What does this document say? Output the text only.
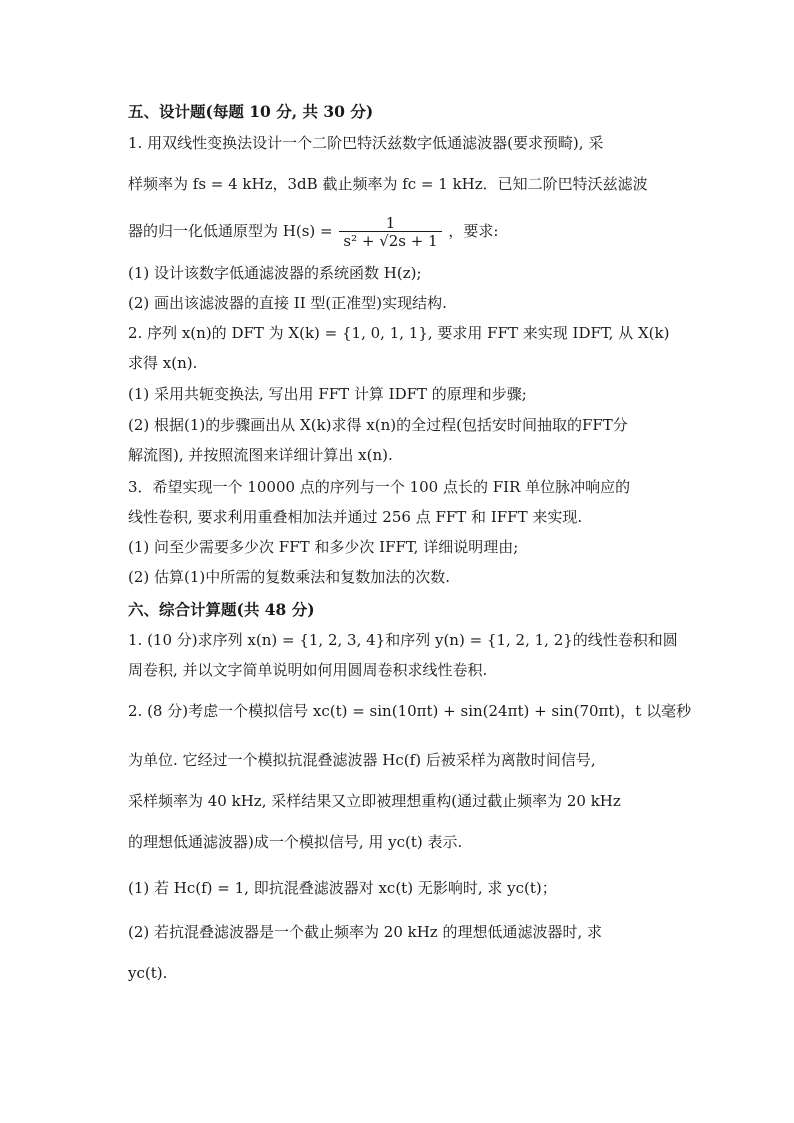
五、设计题(每题 10 分, 共 30 分)
1. 用双线性变换法设计一个二阶巴特沃兹数字低通滤波器(要求预畸), 采
样频率为 fs = 4 kHz，3dB 截止频率为 fc = 1 kHz．已知二阶巴特沃兹滤波
器的归一化低通原型为 $H(s) = \frac{1}{\text{s² + √2s + 1}}$ ，要求:
(1) 设计该数字低通滤波器的系统函数 H(z);
(2) 画出该滤波器的直接 II 型(正准型)实现结构.
2. 序列 x(n)的 DFT 为 X(k) = {1, 0, 1, 1}, 要求用 FFT 来实现 IDFT, 从 X(k)
求得 x(n).
(1) 采用共轭变换法, 写出用 FFT 计算 IDFT 的原理和步骤;
(2) 根据(1)的步骤画出从 X(k)求得 x(n)的全过程(包括安时间抽取的FFT分
解流图), 并按照流图来详细计算出 x(n).
3．希望实现一个 10000 点的序列与一个 100 点长的 FIR 单位脉冲响应的
线性卷积, 要求利用重叠相加法并通过 256 点 FFT 和 IFFT 来实现.
(1) 问至少需要多少次 FFT 和多少次 IFFT, 详细说明理由;
(2) 估算(1)中所需的复数乘法和复数加法的次数.
六、综合计算题(共 48 分)
1. (10 分)求序列 x(n) = {1, 2, 3, 4}和序列 y(n) = {1, 2, 1, 2}的线性卷积和圆
周卷积, 并以文字简单说明如何用圆周卷积求线性卷积.
2. (8 分)考虑一个模拟信号 xc(t) = sin(10πt) + sin(24πt) + sin(70πt)，t 以毫秒
为单位. 它经过一个模拟抗混叠滤波器 Hc(f) 后被采样为离散时间信号,
采样频率为 40 kHz, 采样结果又立即被理想重构(通过截止频率为 20 kHz
的理想低通滤波器)成一个模拟信号, 用 yc(t) 表示.
(1) 若 Hc(f) = 1, 即抗混叠滤波器对 xc(t) 无影响时, 求 yc(t)；
(2) 若抗混叠滤波器是一个截止频率为 20 kHz 的理想低通滤波器时, 求
yc(t).
